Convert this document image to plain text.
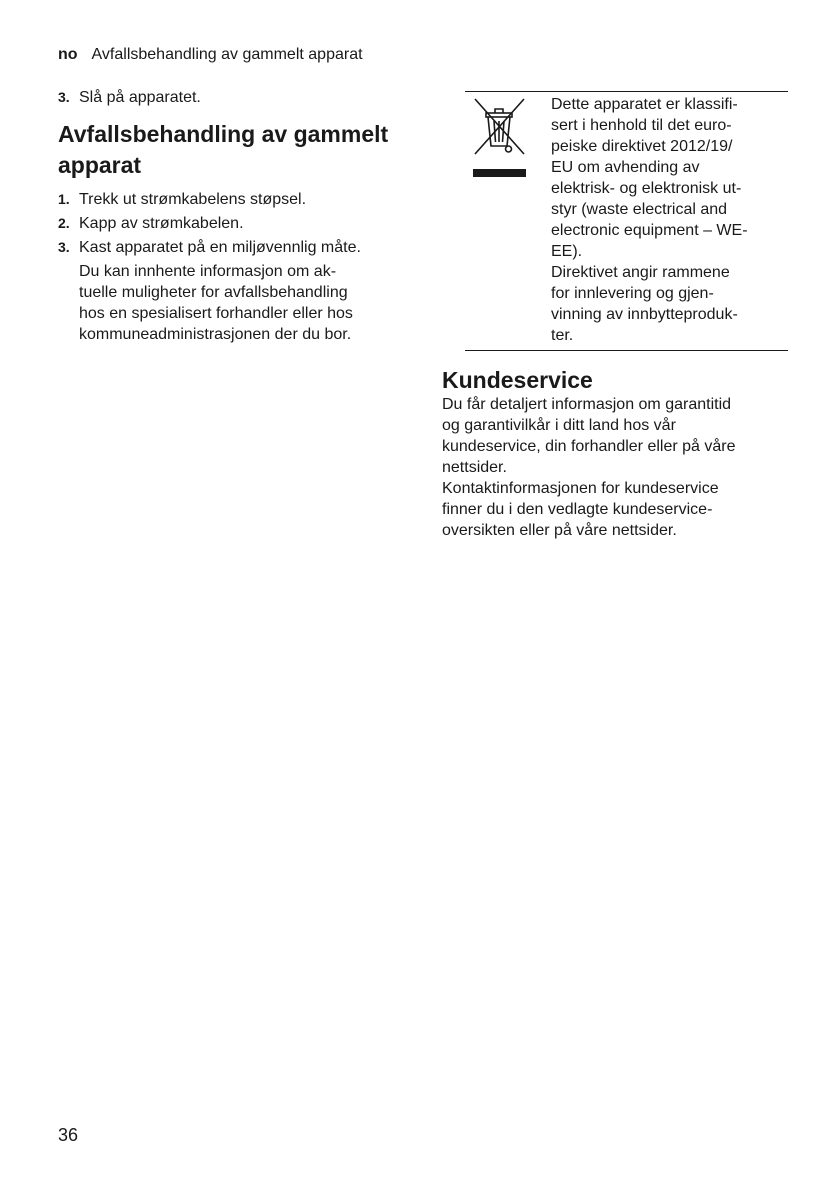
no Avfallsbehandling av gammelt apparat

3. Slå på apparatet.

Avfallsbehandling av gammelt apparat

1. Trekk ut strømkabelens støpsel.

2. Kapp av strømkabelen.

3. Kast apparatet på en miljøvennlig måte.

Du kan innhente informasjon om ak-
tuelle muligheter for avfallsbehandling
hos en spesialisert forhandler eller hos
kommuneadministrasjonen der du bor.

Dette apparatet er klassifi-
sert i henhold til det euro-
peiske direktivet 2012/19/
EU om avhending av
elektrisk- og elektronisk ut-
styr (waste electrical and
electronic equipment – WE-
EE).
Direktivet angir rammene
for innlevering og gjen-
vinning av innbytteproduk-
ter.

Kundeservice

Du får detaljert informasjon om garantitid
og garantivilkår i ditt land hos vår
kundeservice, din forhandler eller på våre
nettsider.
Kontaktinformasjonen for kundeservice
finner du i den vedlagte kundeservice-
oversikten eller på våre nettsider.

36
